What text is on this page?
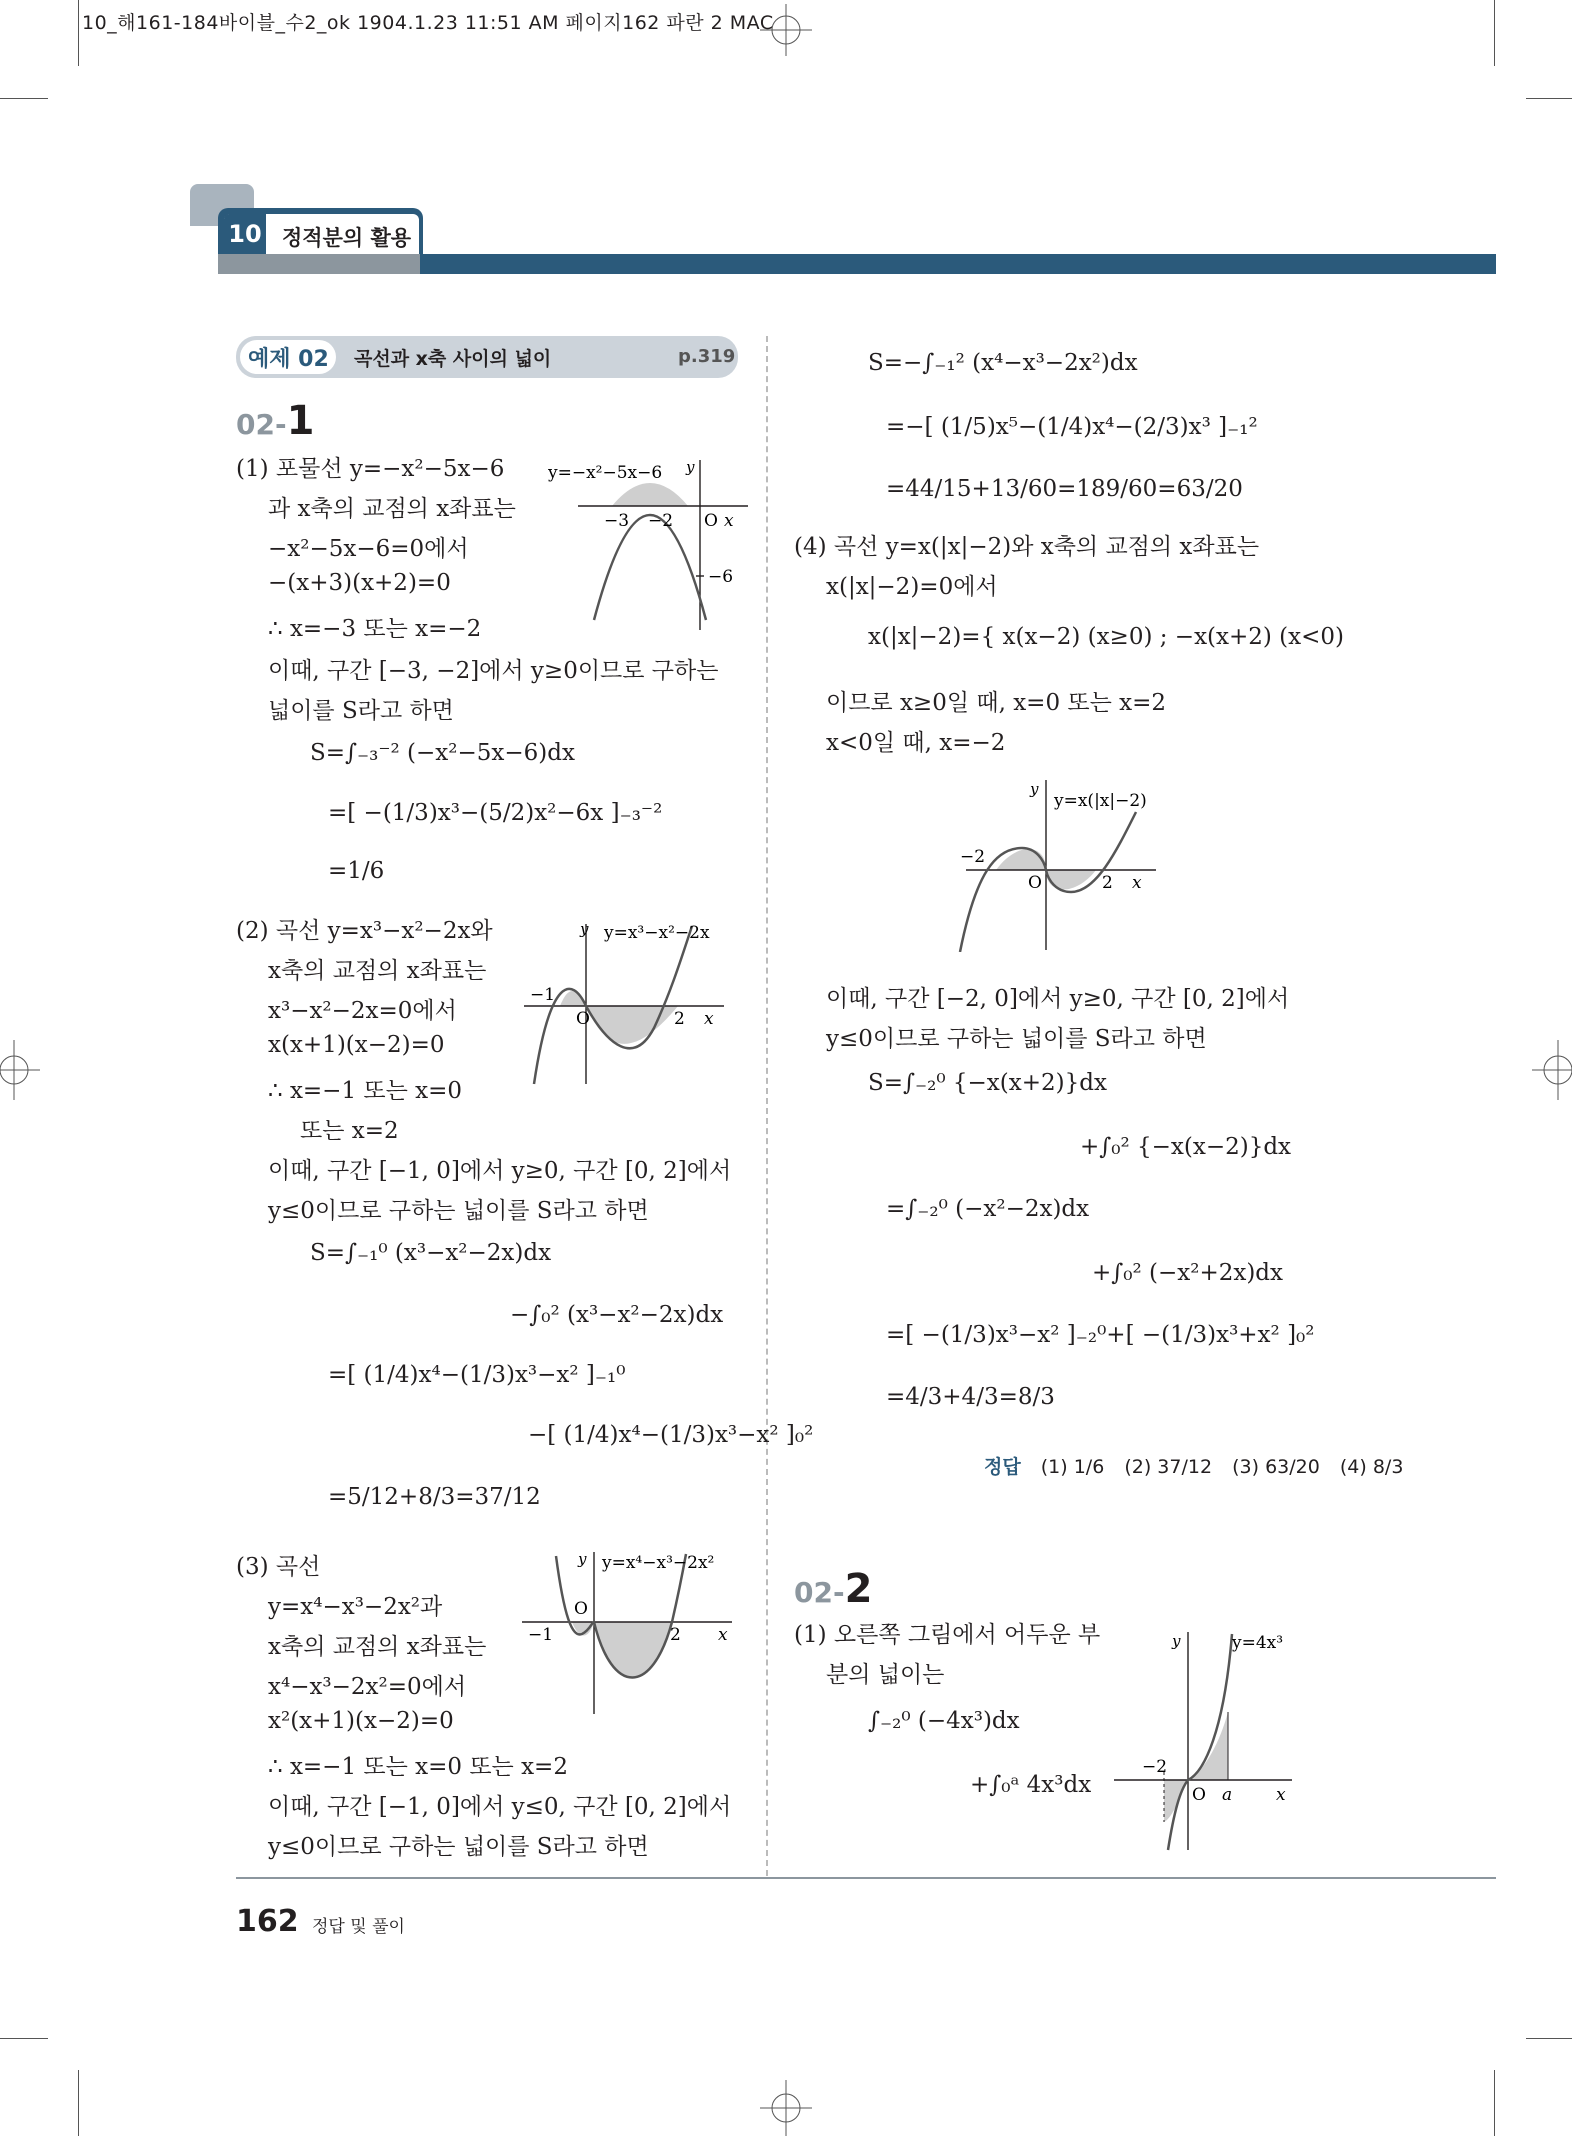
10_해161-184바이블_수2_ok 1904.1.23 11:51 AM 페이지162 파란 2 MAC
10 정적분의 활용
예제 02 곡선과 x축 사이의 넓이	p.319
02-1
02-2
(1) 포물선 y=−x²−5x−6
과 x축의 교점의 x좌표는
−x²−5x−6=0에서
−(x+3)(x+2)=0
∴ x=−3 또는 x=−2
이때, 구간 [−3, −2]에서 y≥0이므로 구하는
넓이를 S라고 하면
S=∫₋₃⁻² (−x²−5x−6)dx
=[ −(1/3)x³−(5/2)x²−6x ]₋₃⁻²
=1/6
(2) 곡선 y=x³−x²−2x와
x축의 교점의 x좌표는
x³−x²−2x=0에서
x(x+1)(x−2)=0
∴ x=−1 또는 x=0
또는 x=2
이때, 구간 [−1, 0]에서 y≥0, 구간 [0, 2]에서
y≤0이므로 구하는 넓이를 S라고 하면
S=∫₋₁⁰ (x³−x²−2x)dx
−∫₀² (x³−x²−2x)dx
=[ (1/4)x⁴−(1/3)x³−x² ]₋₁⁰
−[ (1/4)x⁴−(1/3)x³−x² ]₀²
=5/12+8/3=37/12
(3) 곡선
y=x⁴−x³−2x²과
x축의 교점의 x좌표는
x⁴−x³−2x²=0에서
x²(x+1)(x−2)=0
∴ x=−1 또는 x=0 또는 x=2
이때, 구간 [−1, 0]에서 y≤0, 구간 [0, 2]에서
y≤0이므로 구하는 넓이를 S라고 하면
S=−∫₋₁² (x⁴−x³−2x²)dx
=−[ (1/5)x⁵−(1/4)x⁴−(2/3)x³ ]₋₁²
=44/15+13/60=189/60=63/20
(4) 곡선 y=x(|x|−2)와 x축의 교점의 x좌표는
x(|x|−2)=0에서
x(|x|−2)={ x(x−2) (x≥0) ; −x(x+2) (x<0)
이므로 x≥0일 때, x=0 또는 x=2
x<0일 때, x=−2
이때, 구간 [−2, 0]에서 y≥0, 구간 [0, 2]에서
y≤0이므로 구하는 넓이를 S라고 하면
S=∫₋₂⁰ {−x(x+2)}dx
+∫₀² {−x(x−2)}dx
=∫₋₂⁰ (−x²−2x)dx
+∫₀² (−x²+2x)dx
=[ −(1/3)x³−x² ]₋₂⁰+[ −(1/3)x³+x² ]₀²
=4/3+4/3=8/3
정답 (1) 1/6 (2) 37/12 (3) 63/20 (4) 8/3
(1) 오른쪽 그림에서 어두운 부
분의 넓이는
∫₋₂⁰ (−4x³)dx
+∫₀ᵃ 4x³dx
y=−x²−5x−6
−3 −2 O x
y
−6
y=x³−x²−2x
−1
O	2 x
y
y=x⁴−x³−2x²
−1
O
2 x
y
y=x(|x|−2)
−2
O	2 x
y
y=4x³
−2
O a	x
y
162 정답 및 풀이
